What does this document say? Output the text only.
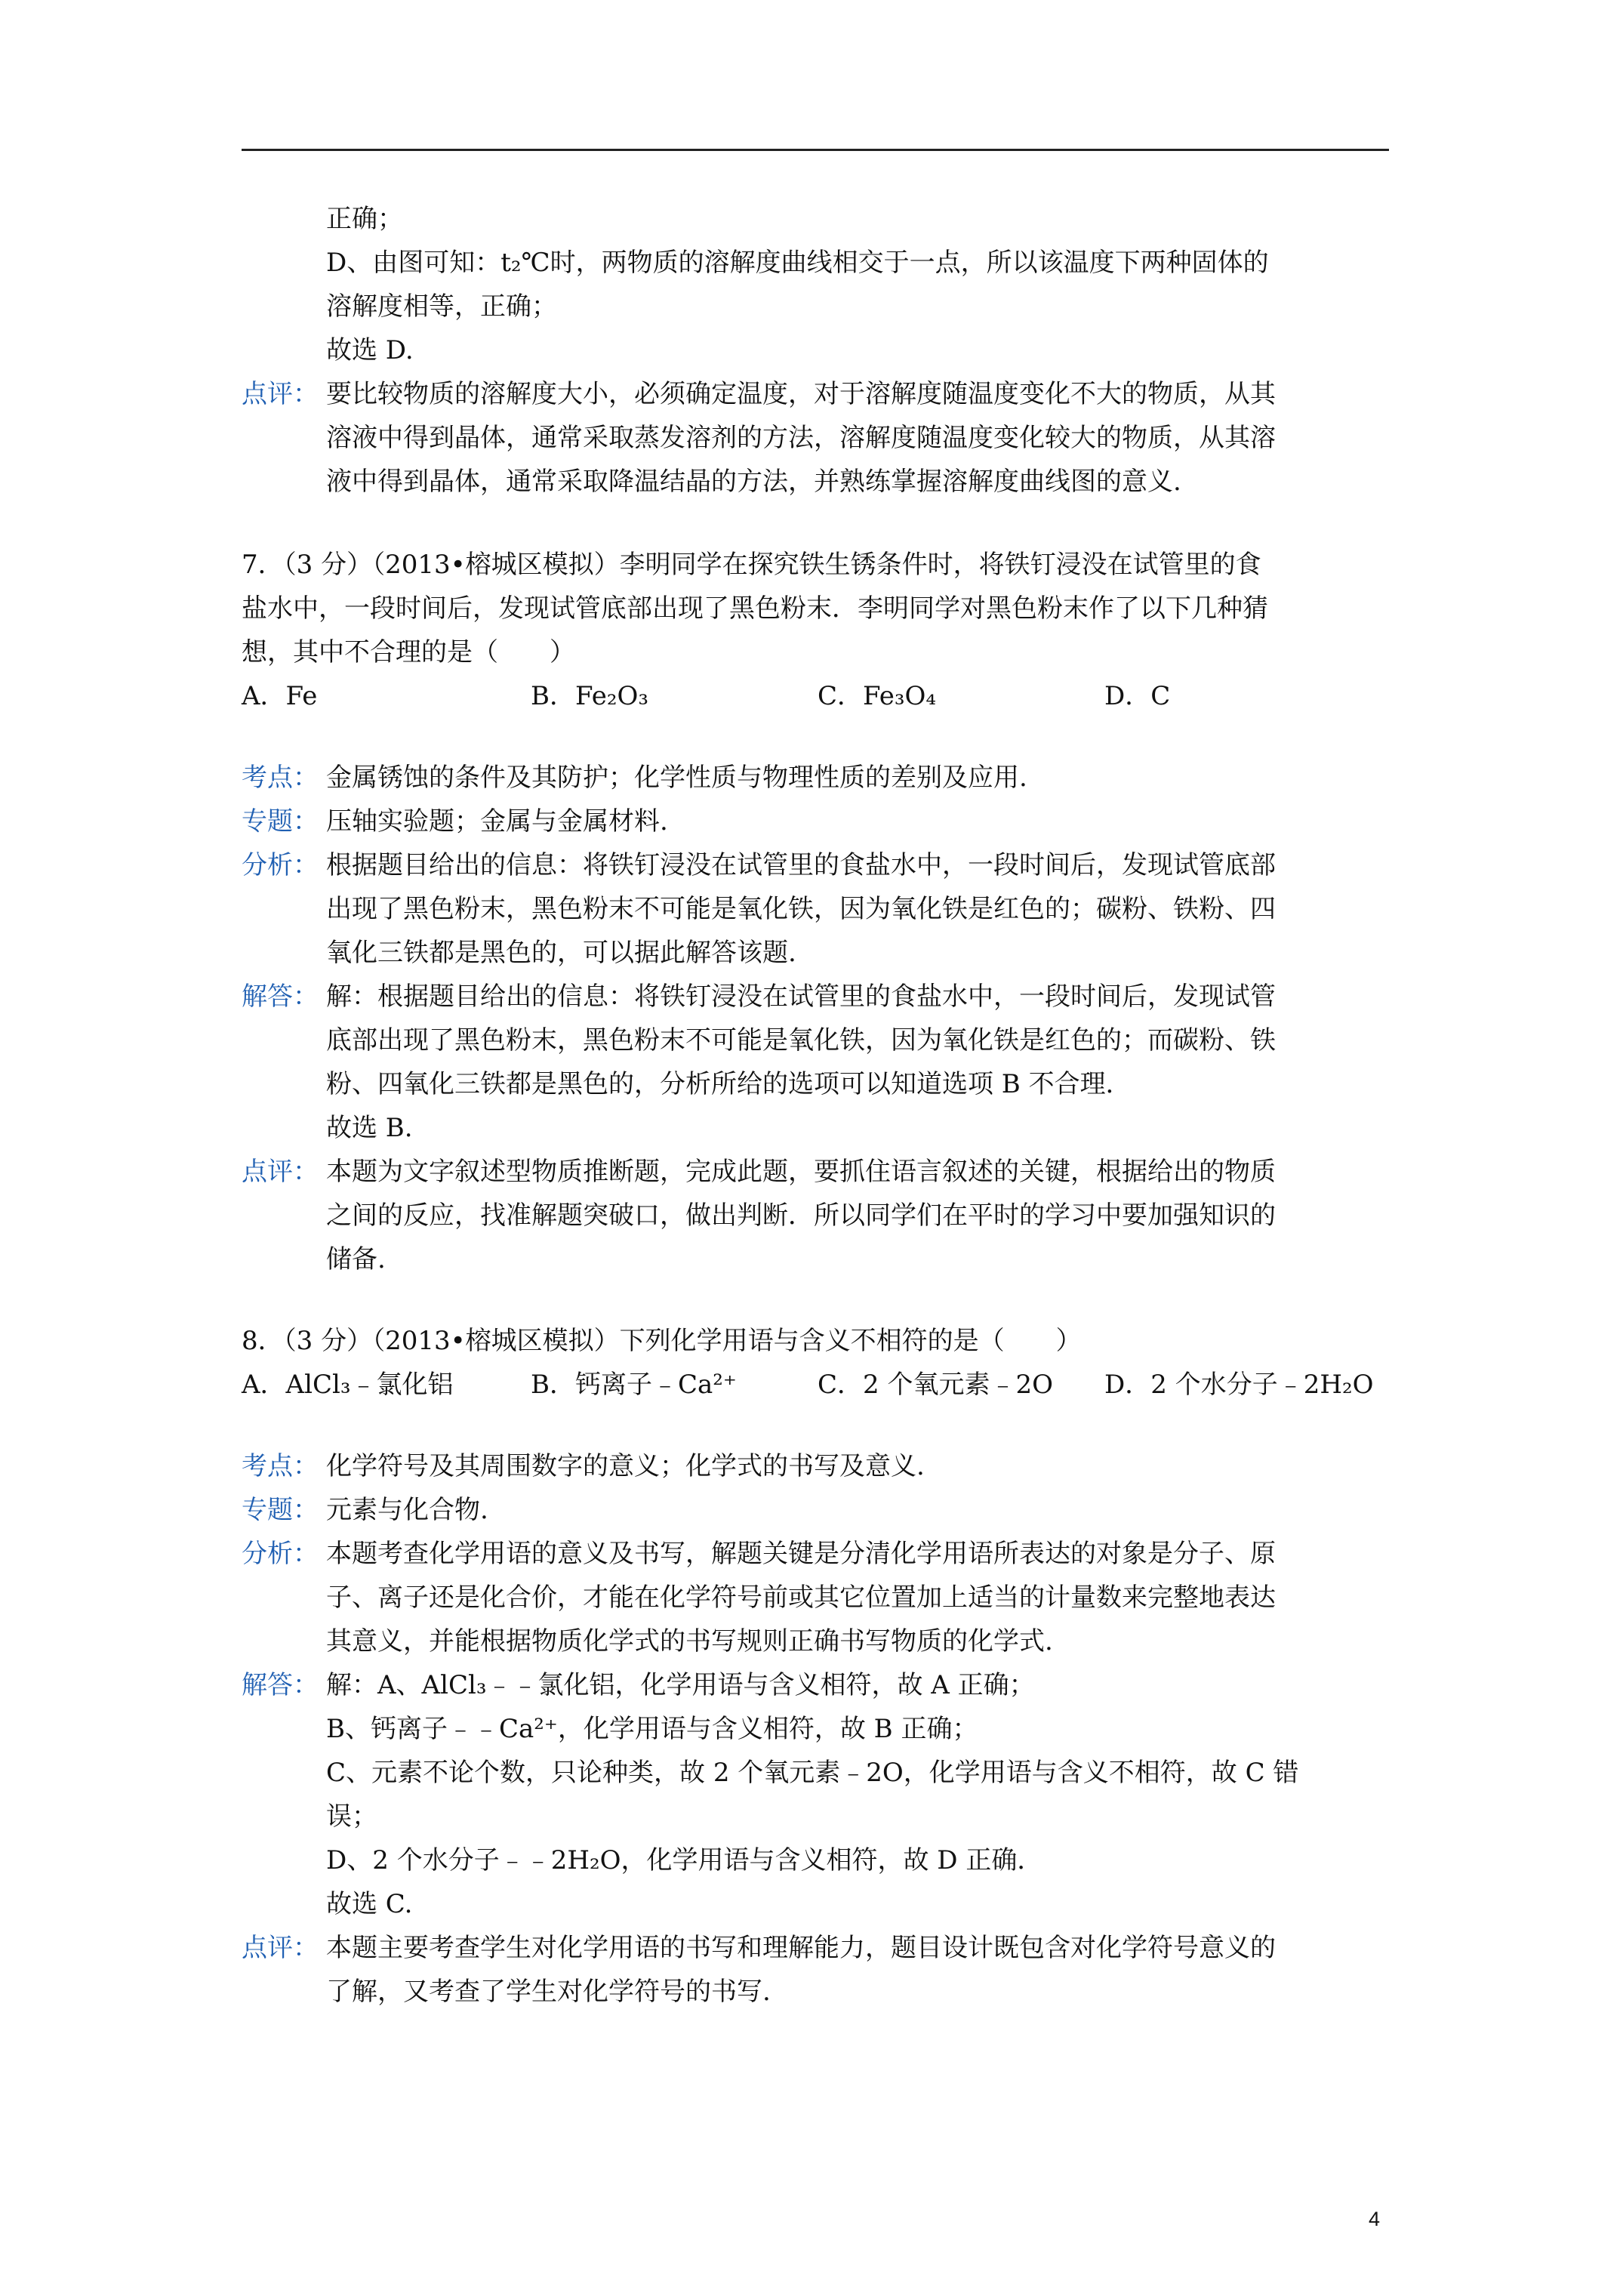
正确；
D、由图可知：t₂℃时，两物质的溶解度曲线相交于一点，所以该温度下两种固体的
溶解度相等，正确；
故选 D.
点评： 要比较物质的溶解度大小，必须确定温度，对于溶解度随温度变化不大的物质，从其
溶液中得到晶体，通常采取蒸发溶剂的方法，溶解度随温度变化较大的物质，从其溶
液中得到晶体，通常采取降温结晶的方法，并熟练掌握溶解度曲线图的意义.
7．（3 分）（2013•榕城区模拟）李明同学在探究铁生锈条件时，将铁钉浸没在试管里的食
盐水中，一段时间后，发现试管底部出现了黑色粉末．李明同学对黑色粉末作了以下几种猜
想，其中不合理的是（　　）
A．Fe	B．Fe₂O₃	C．Fe₃O₄	D．C
考点： 金属锈蚀的条件及其防护；化学性质与物理性质的差别及应用.
专题： 压轴实验题；金属与金属材料.
分析： 根据题目给出的信息：将铁钉浸没在试管里的食盐水中，一段时间后，发现试管底部
出现了黑色粉末，黑色粉末不可能是氧化铁，因为氧化铁是红色的；碳粉、铁粉、四
氧化三铁都是黑色的，可以据此解答该题.
解答： 解：根据题目给出的信息：将铁钉浸没在试管里的食盐水中，一段时间后，发现试管
底部出现了黑色粉末，黑色粉末不可能是氧化铁，因为氧化铁是红色的；而碳粉、铁
粉、四氧化三铁都是黑色的，分析所给的选项可以知道选项 B 不合理．
故选 B.
点评： 本题为文字叙述型物质推断题，完成此题，要抓住语言叙述的关键，根据给出的物质
之间的反应，找准解题突破口，做出判断．所以同学们在平时的学习中要加强知识的
储备.
8．（3 分）（2013•榕城区模拟）下列化学用语与含义不相符的是（　　）
A．AlCl₃﹣氯化铝	B．钙离子﹣Ca²⁺	C．2 个氧元素﹣2O D．2 个水分子﹣2H₂O
考点： 化学符号及其周围数字的意义；化学式的书写及意义.
专题： 元素与化合物.
分析： 本题考查化学用语的意义及书写，解题关键是分清化学用语所表达的对象是分子、原
子、离子还是化合价，才能在化学符号前或其它位置加上适当的计量数来完整地表达
其意义，并能根据物质化学式的书写规则正确书写物质的化学式.
解答： 解：A、AlCl₃﹣﹣氯化铝，化学用语与含义相符，故 A 正确；
B、钙离子﹣﹣Ca²⁺，化学用语与含义相符，故 B 正确；
C、元素不论个数，只论种类，故 2 个氧元素﹣2O，化学用语与含义不相符，故 C 错
误；
D、2 个水分子﹣﹣2H₂O，化学用语与含义相符，故 D 正确．
故选 C.
点评： 本题主要考查学生对化学用语的书写和理解能力，题目设计既包含对化学符号意义的
了解，又考查了学生对化学符号的书写.
4
